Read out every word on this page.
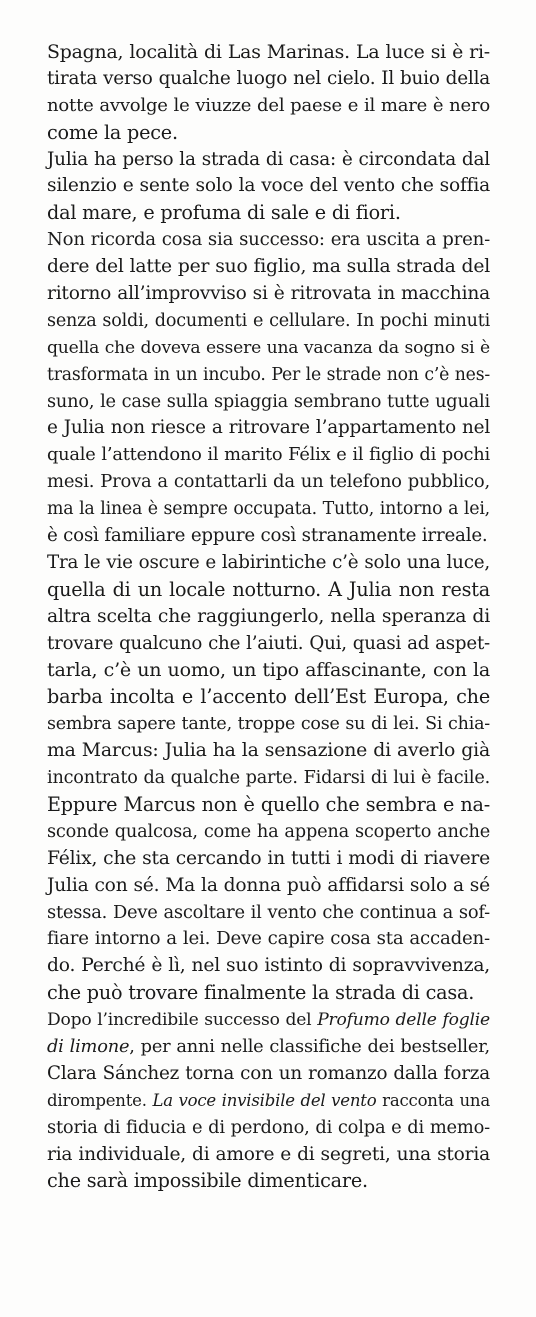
Spagna, località di Las Marinas. La luce si è ri-
tirata verso qualche luogo nel cielo. Il buio della
notte avvolge le viuzze del paese e il mare è nero
come la pece.
Julia ha perso la strada di casa: è circondata dal
silenzio e sente solo la voce del vento che soffia
dal mare, e profuma di sale e di fiori.
Non ricorda cosa sia successo: era uscita a pren-
dere del latte per suo figlio, ma sulla strada del
ritorno all’improvviso si è ritrovata in macchina
senza soldi, documenti e cellulare. In pochi minuti
quella che doveva essere una vacanza da sogno si è
trasformata in un incubo. Per le strade non c’è nes-
suno, le case sulla spiaggia sembrano tutte uguali
e Julia non riesce a ritrovare l’appartamento nel
quale l’attendono il marito Félix e il figlio di pochi
mesi. Prova a contattarli da un telefono pubblico,
ma la linea è sempre occupata. Tutto, intorno a lei,
è così familiare eppure così stranamente irreale.
Tra le vie oscure e labirintiche c’è solo una luce,
quella di un locale notturno. A Julia non resta
altra scelta che raggiungerlo, nella speranza di
trovare qualcuno che l’aiuti. Qui, quasi ad aspet-
tarla, c’è un uomo, un tipo affascinante, con la
barba incolta e l’accento dell’Est Europa, che
sembra sapere tante, troppe cose su di lei. Si chia-
ma Marcus: Julia ha la sensazione di averlo già
incontrato da qualche parte. Fidarsi di lui è facile.
Eppure Marcus non è quello che sembra e na-
sconde qualcosa, come ha appena scoperto anche
Félix, che sta cercando in tutti i modi di riavere
Julia con sé. Ma la donna può affidarsi solo a sé
stessa. Deve ascoltare il vento che continua a sof-
fiare intorno a lei. Deve capire cosa sta accaden-
do. Perché è lì, nel suo istinto di sopravvivenza,
che può trovare finalmente la strada di casa.
Dopo l’incredibile successo del Profumo delle foglie
di limone, per anni nelle classifiche dei bestseller,
Clara Sánchez torna con un romanzo dalla forza
dirompente. La voce invisibile del vento racconta una
storia di fiducia e di perdono, di colpa e di memo-
ria individuale, di amore e di segreti, una storia
che sarà impossibile dimenticare.
